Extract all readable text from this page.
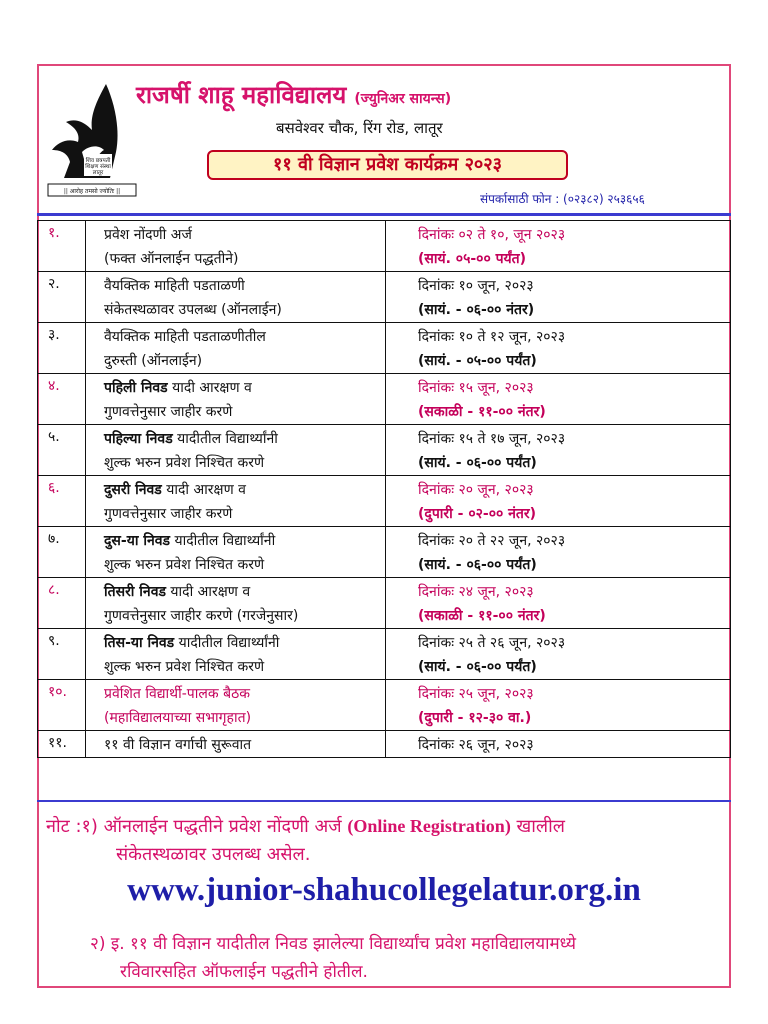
शिव छत्रपती
शिक्षण संस्था
लातूर
|| आरोह तमसो ज्योतिः ||
राजर्षी शाहू महाविद्यालय (ज्युनिअर सायन्स)
बसवेश्वर चौक, रिंग रोड, लातूर
११ वी विज्ञान प्रवेश कार्यक्रम २०२३
संपर्कासाठी फोन : (०२३८२) २५३६५६
१.	प्रवेश नोंदणी अर्ज
(फक्त ऑनलाईन पद्धतीने)	दिनांकः ०२ ते १०, जून २०२३
(सायं. ०५-०० पर्यंत)

२.	वैयक्तिक माहिती पडताळणी
संकेतस्थळावर उपलब्ध (ऑनलाईन)	दिनांकः १० जून, २०२३
(सायं. - ०६-०० नंतर)

३.	वैयक्तिक माहिती पडताळणीतील
दुरुस्ती (ऑनलाईन)	दिनांकः १० ते १२ जून, २०२३
(सायं. - ०५-०० पर्यंत)

४.	पहिली निवड यादी आरक्षण व
गुणवत्तेनुसार जाहीर करणे	दिनांकः १५ जून, २०२३
(सकाळी - ११-०० नंतर)

५.	पहिल्या निवड यादीतील विद्यार्थ्यांनी
शुल्क भरुन प्रवेश निश्चित करणे	दिनांकः १५ ते १७ जून, २०२३
(सायं. - ०६-०० पर्यंत)

६.	दुसरी निवड यादी आरक्षण व
गुणवत्तेनुसार जाहीर करणे	दिनांकः २० जून, २०२३
(दुपारी - ०२-०० नंतर)

७.	दुस-या निवड यादीतील विद्यार्थ्यांनी
शुल्क भरुन प्रवेश निश्चित करणे	दिनांकः २० ते २२ जून, २०२३
(सायं. - ०६-०० पर्यंत)

८.	तिसरी निवड यादी आरक्षण व
गुणवत्तेनुसार जाहीर करणे (गरजेनुसार)	दिनांकः २४ जून, २०२३
(सकाळी - ११-०० नंतर)

९.	तिस-या निवड यादीतील विद्यार्थ्यांनी
शुल्क भरुन प्रवेश निश्चित करणे	दिनांकः २५ ते २६ जून, २०२३
(सायं. - ०६-०० पर्यंत)

१०.	प्रवेशित विद्यार्थी-पालक बैठक
(महाविद्यालयाच्या सभागृहात)	दिनांकः २५ जून, २०२३
(दुपारी - १२-३० वा.)

११.	११ वी विज्ञान वर्गाची सुरूवात	दिनांकः २६ जून, २०२३
नोट :१) ऑनलाईन पद्धतीने प्रवेश नोंदणी अर्ज (Online Registration) खालील
संकेतस्थळावर उपलब्ध असेल.
www.junior-shahucollegelatur.org.in
२) इ. ११ वी विज्ञान यादीतील निवड झालेल्या विद्यार्थ्यांच प्रवेश महाविद्यालयामध्ये
रविवारसहित ऑफलाईन पद्धतीने होतील.
